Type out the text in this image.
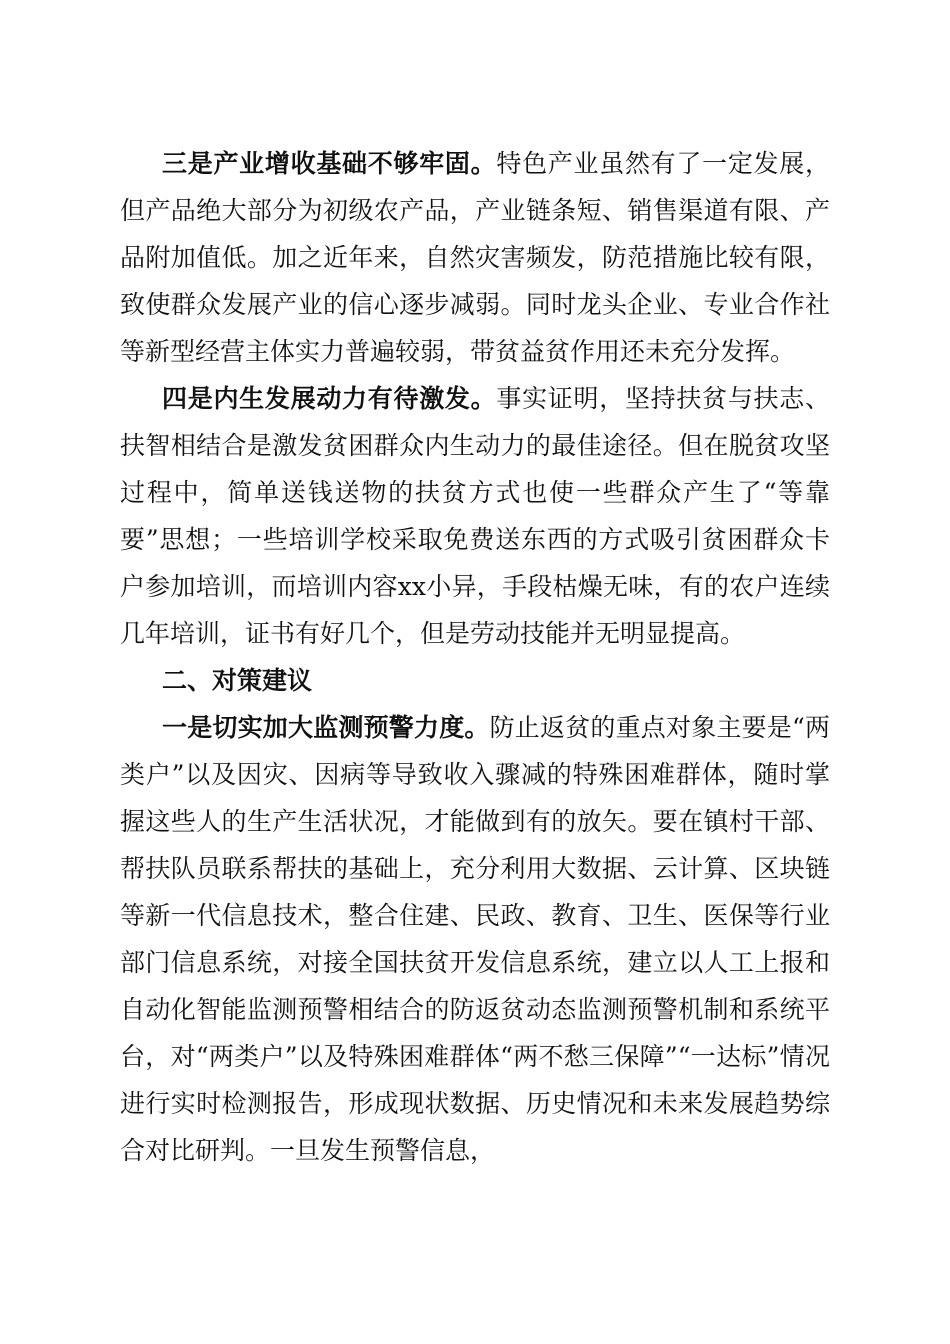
三是产业增收基础不够牢固。特色产业虽然有了一定发展，但产品绝大部分为初级农产品，产业链条短、销售渠道有限、产品附加值低。加之近年来，自然灾害频发，防范措施比较有限，致使群众发展产业的信心逐步减弱。同时龙头企业、专业合作社等新型经营主体实力普遍较弱，带贫益贫作用还未充分发挥。

四是内生发展动力有待激发。事实证明，坚持扶贫与扶志、扶智相结合是激发贫困群众内生动力的最佳途径。但在脱贫攻坚过程中，简单送钱送物的扶贫方式也使一些群众产生了“等靠要”思想；一些培训学校采取免费送东西的方式吸引贫困群众卡户参加培训，而培训内容xx小异，手段枯燥无味，有的农户连续几年培训，证书有好几个，但是劳动技能并无明显提高。

二、对策建议

一是切实加大监测预警力度。防止返贫的重点对象主要是“两类户”以及因灾、因病等导致收入骤减的特殊困难群体，随时掌握这些人的生产生活状况，才能做到有的放矢。要在镇村干部、帮扶队员联系帮扶的基础上，充分利用大数据、云计算、区块链等新一代信息技术，整合住建、民政、教育、卫生、医保等行业部门信息系统，对接全国扶贫开发信息系统，建立以人工上报和自动化智能监测预警相结合的防返贫动态监测预警机制和系统平台，对“两类户”以及特殊困难群体“两不愁三保障”“一达标”情况进行实时检测报告，形成现状数据、历史情况和未来发展趋势综合对比研判。一旦发生预警信息，
